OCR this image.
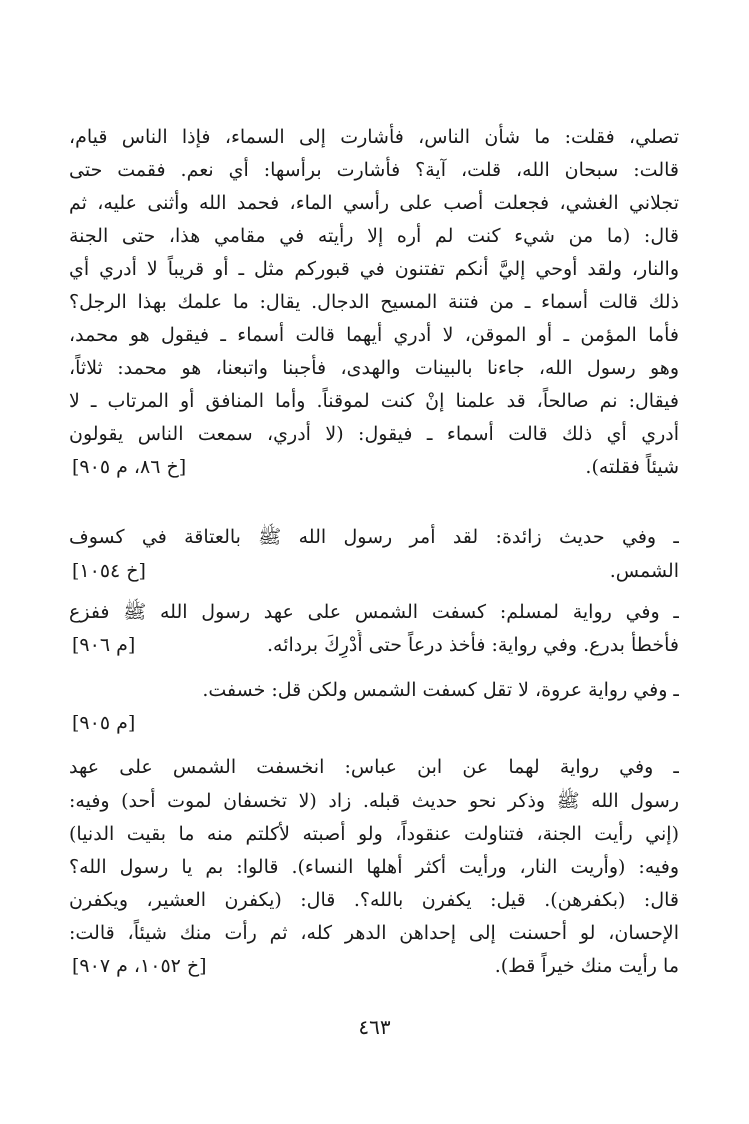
تصلي، فقلت: ما شأن الناس، فأشارت إلى السماء، فإذا الناس قيام،
قالت: سبحان الله، قلت، آية؟ فأشارت برأسها: أي نعم. فقمت حتى
تجلاني الغشي، فجعلت أصب على رأسي الماء، فحمد الله وأثنى عليه، ثم
قال: (ما من شيء كنت لم أره إلا رأيته في مقامي هذا، حتى الجنة
والنار، ولقد أوحي إليَّ أنكم تفتنون في قبوركم مثل ـ أو قريباً لا أدري أي
ذلك قالت أسماء ـ من فتنة المسيح الدجال. يقال: ما علمك بهذا الرجل؟
فأما المؤمن ـ أو الموقن، لا أدري أيهما قالت أسماء ـ فيقول هو محمد،
وهو رسول الله، جاءنا بالبينات والهدى، فأجبنا واتبعنا، هو محمد: ثلاثاً،
فيقال: نم صالحاً، قد علمنا إنْ كنت لموقناً. وأما المنافق أو المرتاب ـ لا
أدري أي ذلك قالت أسماء ـ فيقول: (لا أدري، سمعت الناس يقولون
شيئاً فقلته).
[خ ٨٦، م ٩٠٥]
ـ وفي حديث زائدة: لقد أمر رسول الله ﷺ بالعتاقة في كسوف
الشمس.
[خ ١٠٥٤]
ـ وفي رواية لمسلم: كسفت الشمس على عهد رسول الله ﷺ ففزع
فأخطأ بدرع. وفي رواية: فأخذ درعاً حتى أُدْرِكَ بردائه.
[م ٩٠٦]
ـ وفي رواية عروة، لا تقل كسفت الشمس ولكن قل: خسفت.
[م ٩٠٥]
ـ وفي رواية لهما عن ابن عباس: انخسفت الشمس على عهد
رسول الله ﷺ وذكر نحو حديث قبله. زاد (لا تخسفان لموت أحد) وفيه:
(إني رأيت الجنة، فتناولت عنقوداً، ولو أصبته لأكلتم منه ما بقيت الدنيا)
وفيه: (وأريت النار، ورأيت أكثر أهلها النساء). قالوا: بم يا رسول الله؟
قال: (بكفرهن). قيل: يكفرن بالله؟. قال: (يكفرن العشير، ويكفرن
الإحسان، لو أحسنت إلى إحداهن الدهر كله، ثم رأت منك شيئاً، قالت:
ما رأيت منك خيراً قط).
[خ ١٠٥٢، م ٩٠٧]
٤٦٣
